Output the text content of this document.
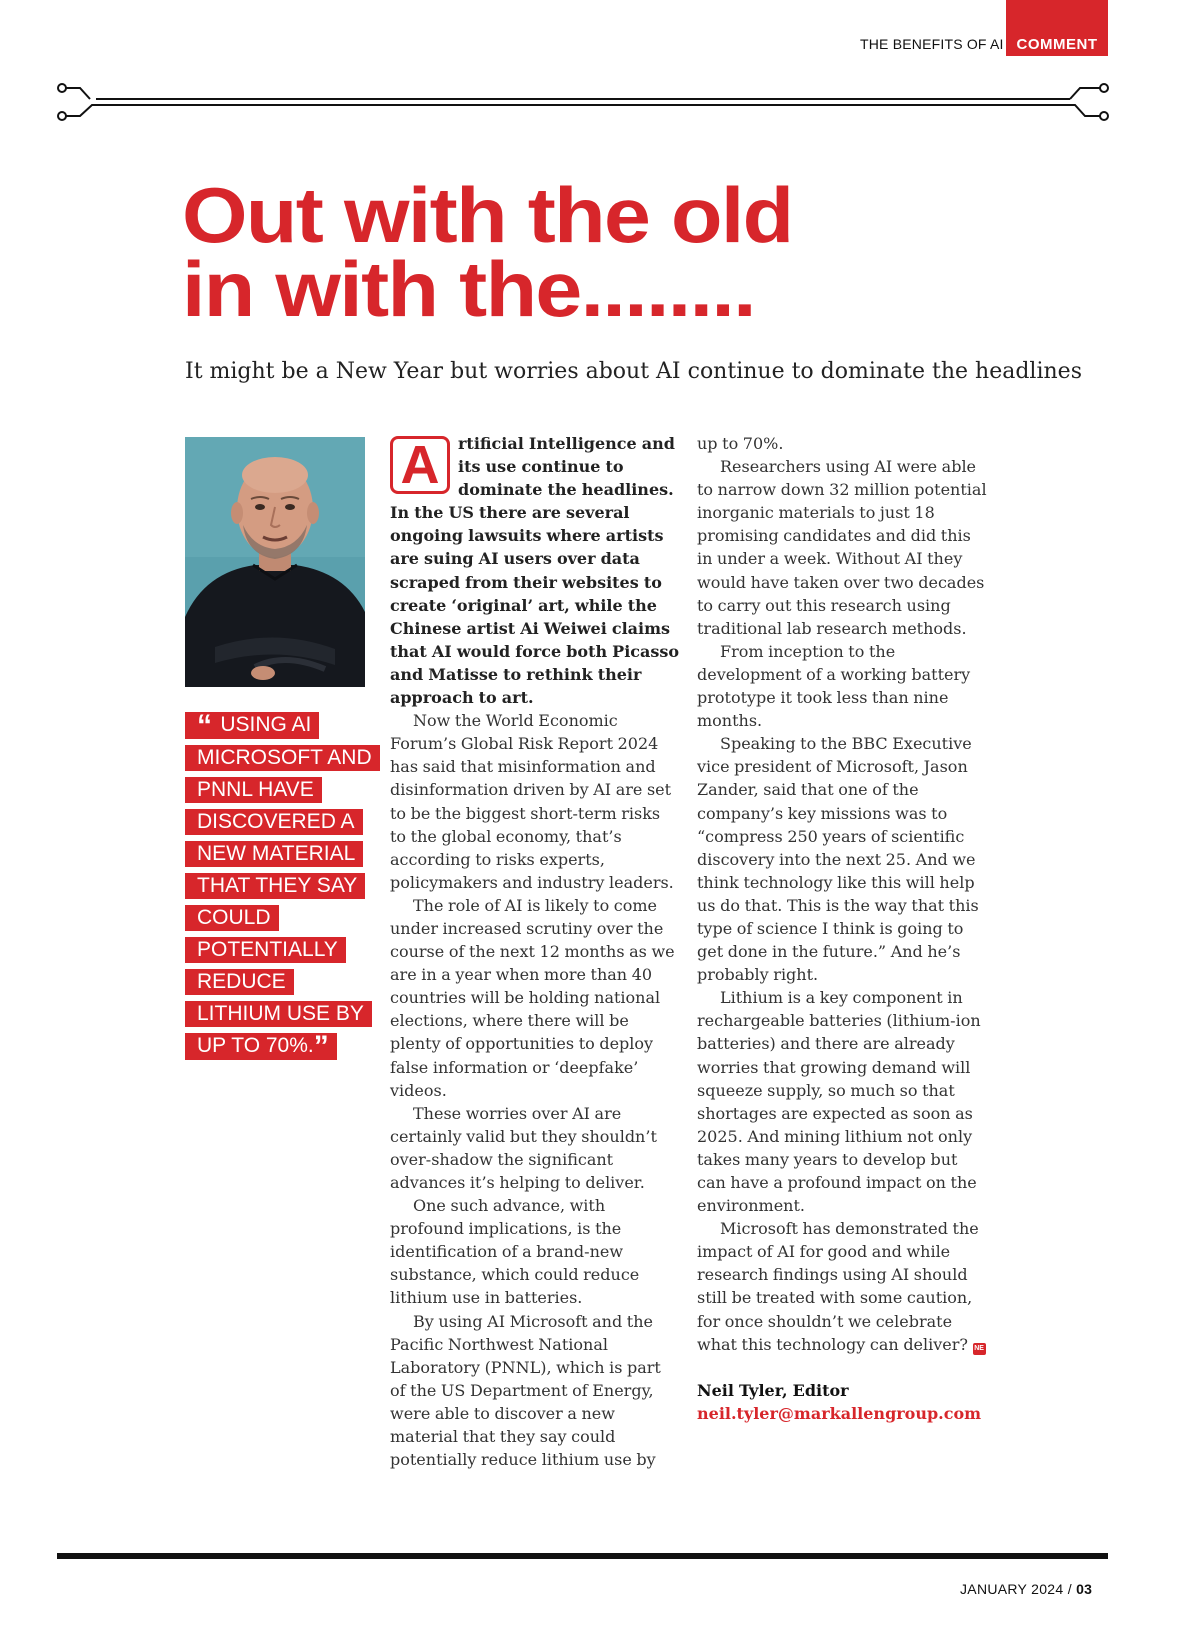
THE BENEFITS OF AI COMMENT
Out with the old
in with the........
It might be a New Year but worries about AI continue to dominate the headlines
“ USING AI
MICROSOFT AND
PNNL HAVE
DISCOVERED A
NEW MATERIAL
THAT THEY SAY
COULD
POTENTIALLY
REDUCE
LITHIUM USE BY
UP TO 70%.”

A	rtificial Intelligence and its use continue to dominate the headlines. In the US there are several ongoing lawsuits where artists are suing AI users over data scraped from their websites to create ‘original’ art, while the Chinese artist Ai Weiwei claims that AI would force both Picasso and Matisse to rethink their approach to art.

Now the World Economic Forum’s Global Risk Report 2024 has said that misinformation and disinformation driven by AI are set to be the biggest short-term risks to the global economy, that’s according to risks experts, policymakers and industry leaders.

The role of AI is likely to come under increased scrutiny over the course of the next 12 months as we are in a year when more than 40 countries will be holding national elections, where there will be plenty of opportunities to deploy false information or ‘deepfake’ videos.

These worries over AI are certainly valid but they shouldn’t over-shadow the significant advances it’s helping to deliver.

One such advance, with profound implications, is the identification of a brand-new substance, which could reduce lithium use in batteries.

By using AI Microsoft and the Pacific Northwest National Laboratory (PNNL), which is part of the US Department of Energy, were able to discover a new material that they say could potentially reduce lithium use by

up to 70%.

Researchers using AI were able to narrow down 32 million potential inorganic materials to just 18 promising candidates and did this in under a week. Without AI they would have taken over two decades to carry out this research using traditional lab research methods.

From inception to the development of a working battery prototype it took less than nine months.

Speaking to the BBC Executive vice president of Microsoft, Jason Zander, said that one of the company’s key missions was to “compress 250 years of scientific discovery into the next 25. And we think technology like this will help us do that. This is the way that this type of science I think is going to get done in the future.” And he’s probably right.

Lithium is a key component in rechargeable batteries (lithium-ion batteries) and there are already worries that growing demand will squeeze supply, so much so that shortages are expected as soon as 2025. And mining lithium not only takes many years to develop but can have a profound impact on the environment.

Microsoft has demonstrated the impact of AI for good and while research findings using AI should still be treated with some caution, for once shouldn’t we celebrate what this technology can deliver? NE

Neil Tyler, Editor

neil.tyler@markallengroup.com

JANUARY 2024 / 03
